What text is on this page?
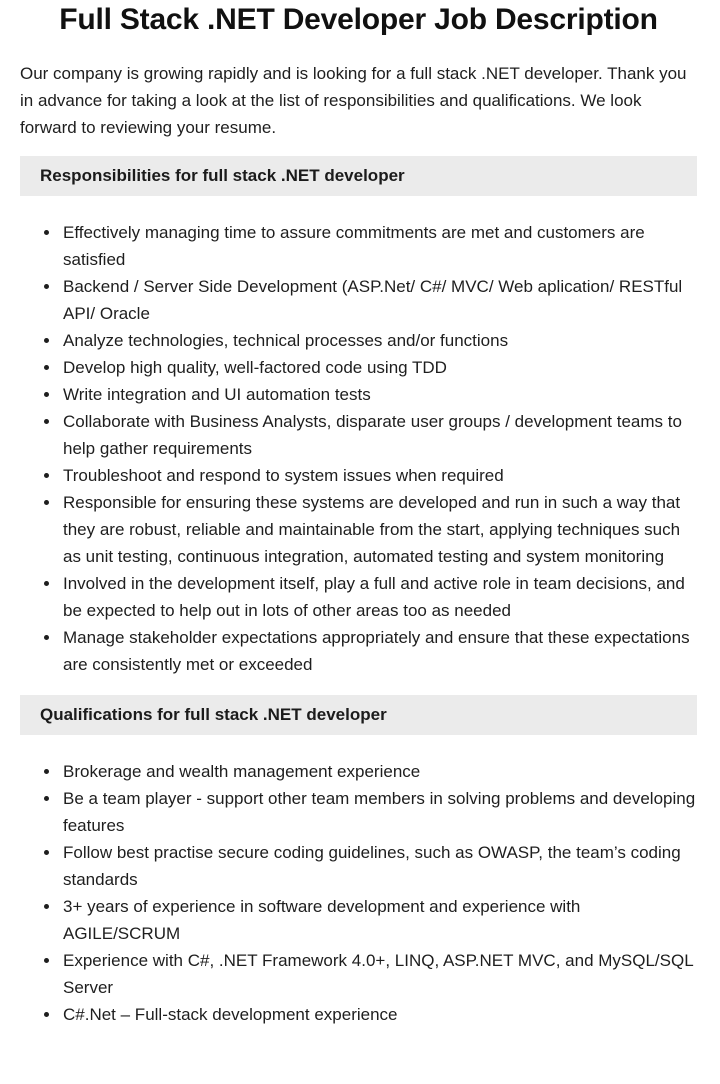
Full Stack .NET Developer Job Description

Our company is growing rapidly and is looking for a full stack .NET developer. Thank you in advance for taking a look at the list of responsibilities and qualifications. We look forward to reviewing your resume.

Responsibilities for full stack .NET developer
• Effectively managing time to assure commitments are met and customers are satisfied
• Backend / Server Side Development (ASP.Net/ C#/ MVC/ Web aplication/ RESTful API/ Oracle
• Analyze technologies, technical processes and/or functions
• Develop high quality, well-factored code using TDD
• Write integration and UI automation tests
• Collaborate with Business Analysts, disparate user groups / development teams to help gather requirements
• Troubleshoot and respond to system issues when required
• Responsible for ensuring these systems are developed and run in such a way that they are robust, reliable and maintainable from the start, applying techniques such as unit testing, continuous integration, automated testing and system monitoring
• Involved in the development itself, play a full and active role in team decisions, and be expected to help out in lots of other areas too as needed
• Manage stakeholder expectations appropriately and ensure that these expectations are consistently met or exceeded
Qualifications for full stack .NET developer
• Brokerage and wealth management experience
• Be a team player - support other team members in solving problems and developing features
• Follow best practise secure coding guidelines, such as OWASP, the team’s coding standards
• 3+ years of experience in software development and experience with AGILE/SCRUM
• Experience with C#, .NET Framework 4.0+, LINQ, ASP.NET MVC, and MySQL/SQL Server
• C#.Net – Full-stack development experience
